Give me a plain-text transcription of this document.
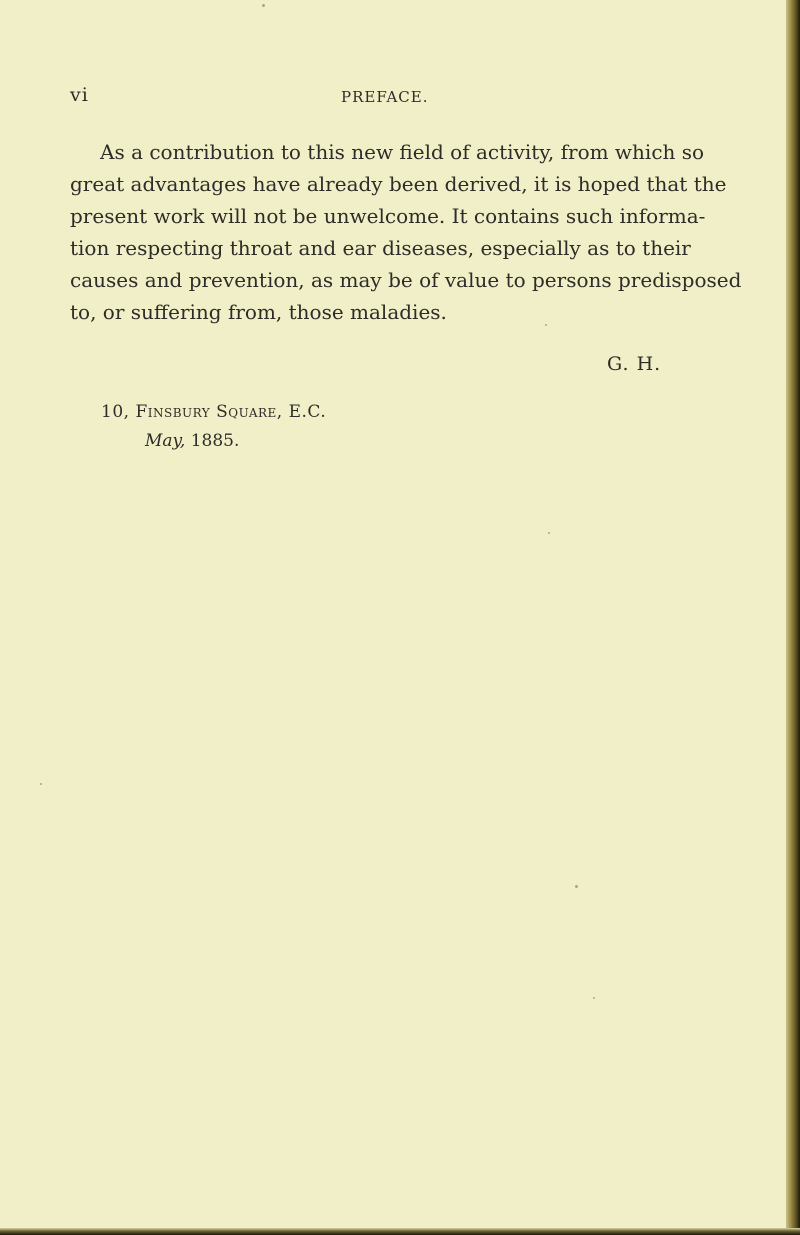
vi	PREFACE.
As a contribution to this new field of activity, from which so
great advantages have already been derived, it is hoped that the
present work will not be unwelcome. It contains such informa-
tion respecting throat and ear diseases, especially as to their
causes and prevention, as may be of value to persons predisposed
to, or suffering from, those maladies.
G. H.
10, Finsbury Square, E.C.
May, 1885.
